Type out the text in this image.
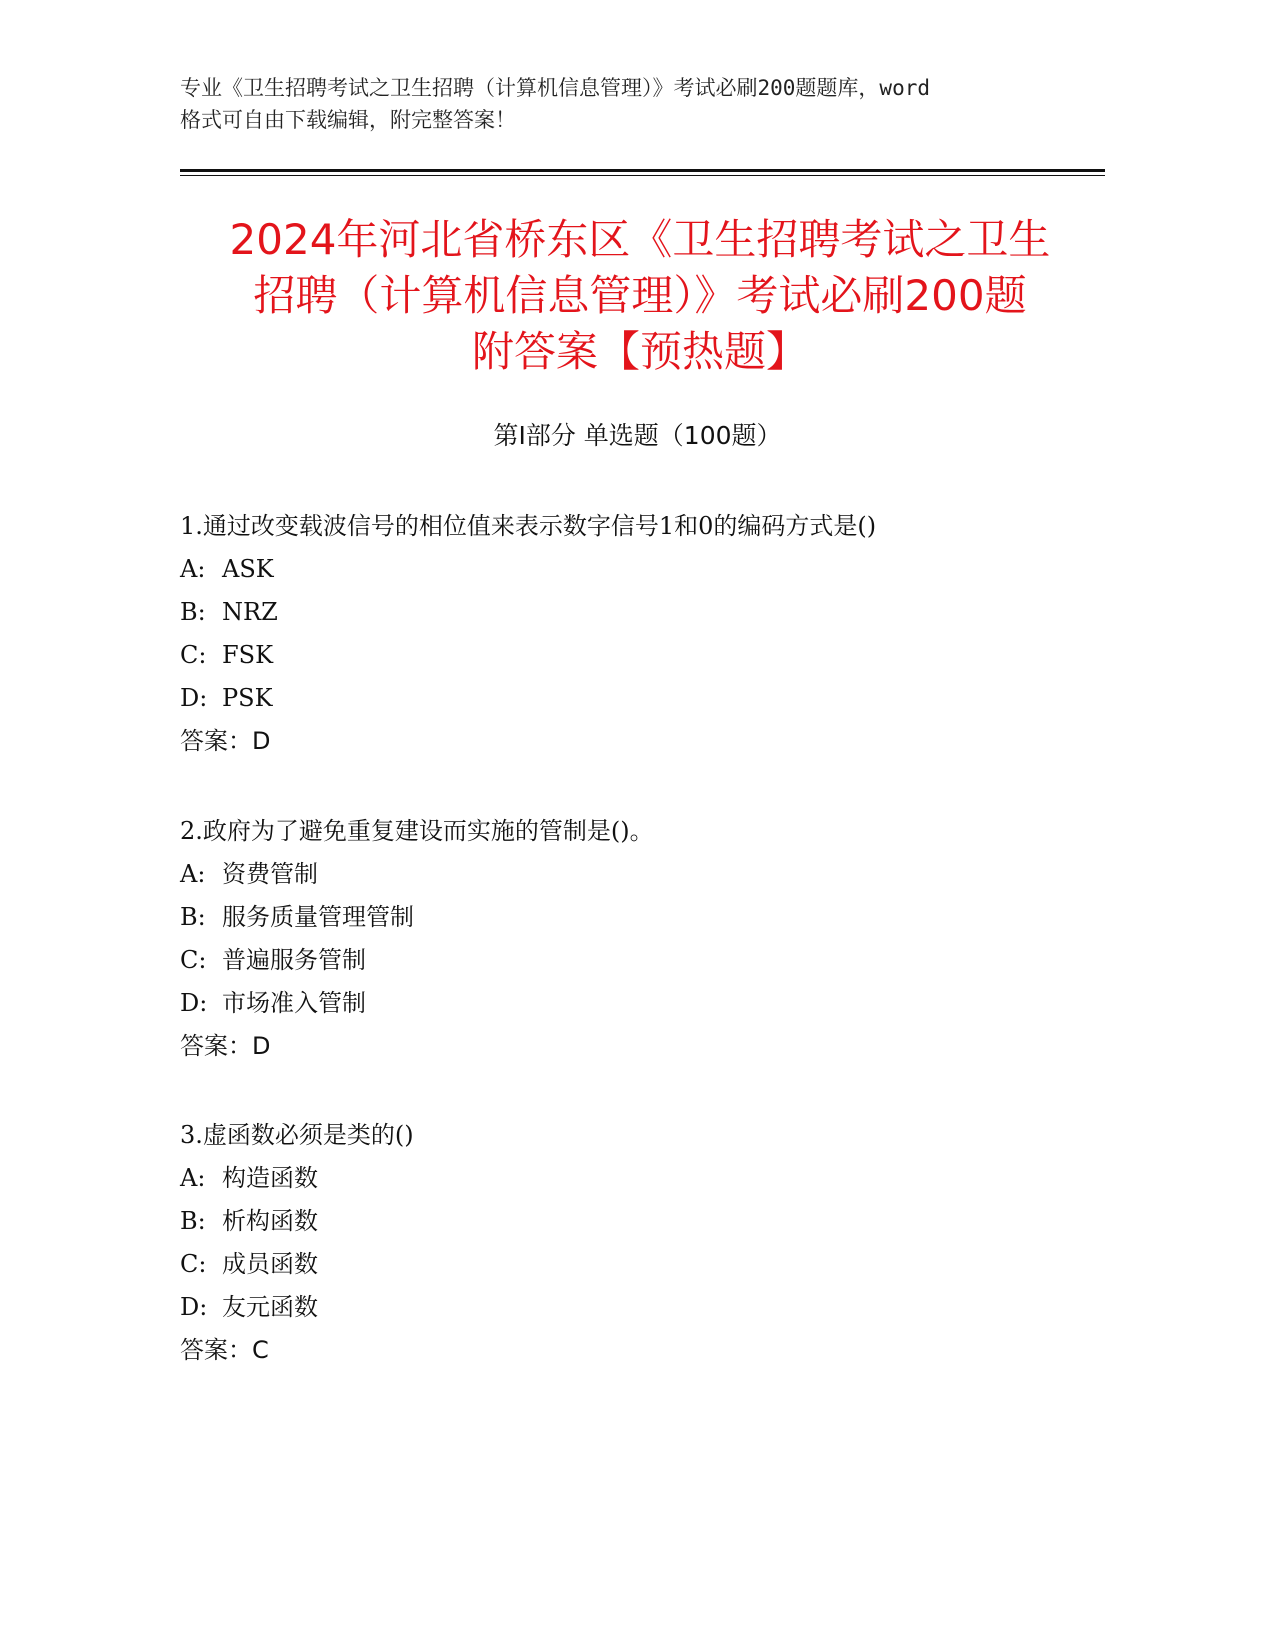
专业《卫生招聘考试之卫生招聘（计算机信息管理）》考试必刷200题题库，word
格式可自由下载编辑，附完整答案！
2024年河北省桥东区《卫生招聘考试之卫生
招聘（计算机信息管理）》考试必刷200题
附答案【预热题】
第Ⅰ部分 单选题（100题）
1.通过改变载波信号的相位值来表示数字信号1和0的编码方式是()
A: ASK
B: NRZ
C: FSK
D: PSK
答案：D
2.政府为了避免重复建设而实施的管制是()。
A: 资费管制
B: 服务质量管理管制
C: 普遍服务管制
D: 市场准入管制
答案：D
3.虚函数必须是类的()
A: 构造函数
B: 析构函数
C: 成员函数
D: 友元函数
答案：C
